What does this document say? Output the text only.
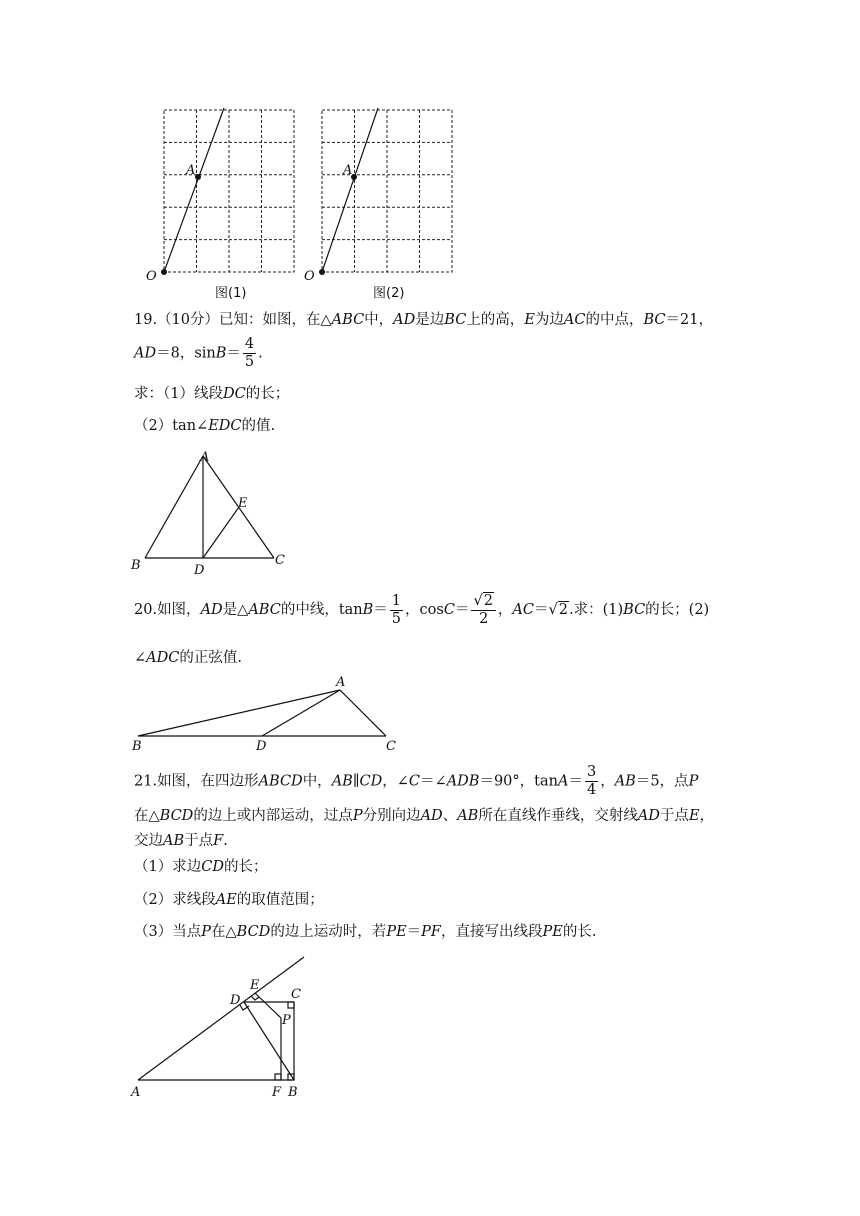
O
A
图(1)
O
A
图(2)
19.（10分）已知：如图，在△ABC中，AD是边BC上的高，E为边AC的中点，BC＝21，
AD＝8，$\sin B= \frac{4}{5}$ .
求：（1）线段DC的长；
（2）tan∠EDC的值.
A
B	C
D
E
20.如图，AD是△ABC的中线，$\tan B= \frac{1}{5}$ ，$\cos C= \frac{√2}{2}$ ，AC＝√2.求：(1)BC的长；(2)
∠ADC的正弦值.
A
B	C
D
21.如图，在四边形ABCD中，AB∥CD，∠C＝∠ADB＝90°，$\tan A= \frac{3}{4}$ ，AB＝5，点P
在△BCD的边上或内部运动，过点P分别向边AD、AB所在直线作垂线，交射线AD于点E，
交边AB于点F.
（1）求边CD的长；
（2）求线段AE的取值范围；
（3）当点P在△BCD的边上运动时，若PE＝PF，直接写出线段PE的长.
A	B
C
D
E
F
P
